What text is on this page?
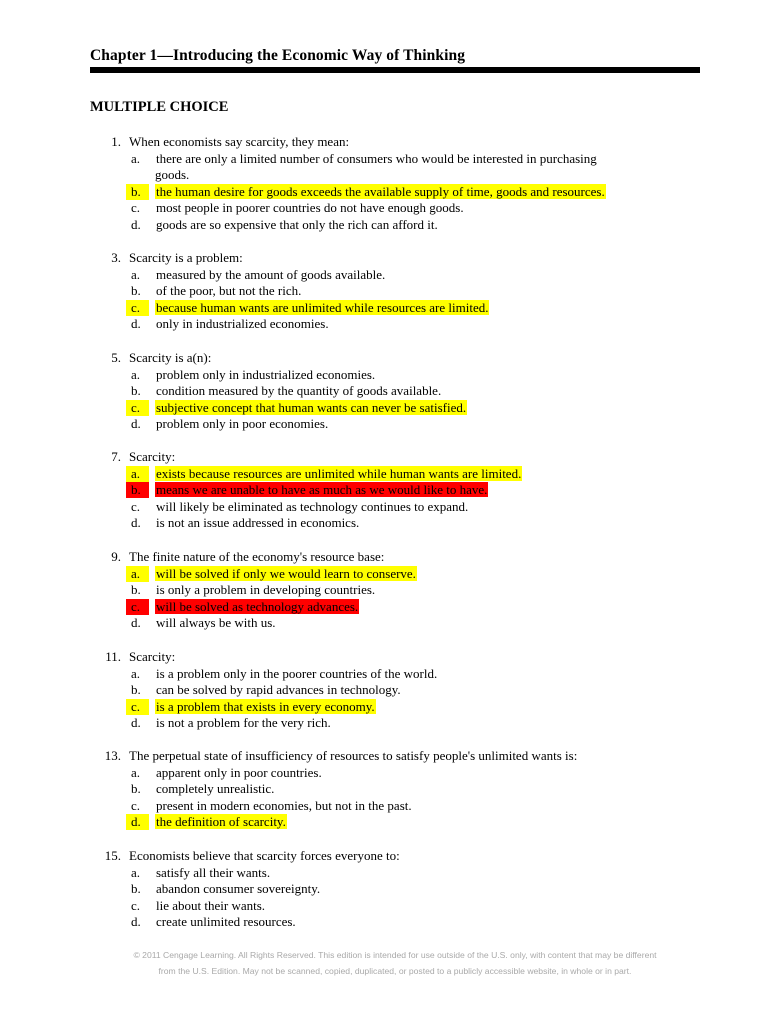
Chapter 1—Introducing the Economic Way of Thinking
MULTIPLE CHOICE
1. When economists say scarcity, they mean:
a. there are only a limited number of consumers who would be interested in purchasing goods.
b. the human desire for goods exceeds the available supply of time, goods and resources.
c. most people in poorer countries do not have enough goods.
d. goods are so expensive that only the rich can afford it.
3. Scarcity is a problem:
a. measured by the amount of goods available.
b. of the poor, but not the rich.
c. because human wants are unlimited while resources are limited.
d. only in industrialized economies.
5. Scarcity is a(n):
a. problem only in industrialized economies.
b. condition measured by the quantity of goods available.
c. subjective concept that human wants can never be satisfied.
d. problem only in poor economies.
7. Scarcity:
a. exists because resources are unlimited while human wants are limited.
b. means we are unable to have as much as we would like to have.
c. will likely be eliminated as technology continues to expand.
d. is not an issue addressed in economics.
9. The finite nature of the economy's resource base:
a. will be solved if only we would learn to conserve.
b. is only a problem in developing countries.
c. will be solved as technology advances.
d. will always be with us.
11. Scarcity:
a. is a problem only in the poorer countries of the world.
b. can be solved by rapid advances in technology.
c. is a problem that exists in every economy.
d. is not a problem for the very rich.
13. The perpetual state of insufficiency of resources to satisfy people's unlimited wants is:
a. apparent only in poor countries.
b. completely unrealistic.
c. present in modern economies, but not in the past.
d. the definition of scarcity.
15. Economists believe that scarcity forces everyone to:
a. satisfy all their wants.
b. abandon consumer sovereignty.
c. lie about their wants.
d. create unlimited resources.
© 2011 Cengage Learning. All Rights Reserved. This edition is intended for use outside of the U.S. only, with content that may be different
from the U.S. Edition. May not be scanned, copied, duplicated, or posted to a publicly accessible website, in whole or in part.
